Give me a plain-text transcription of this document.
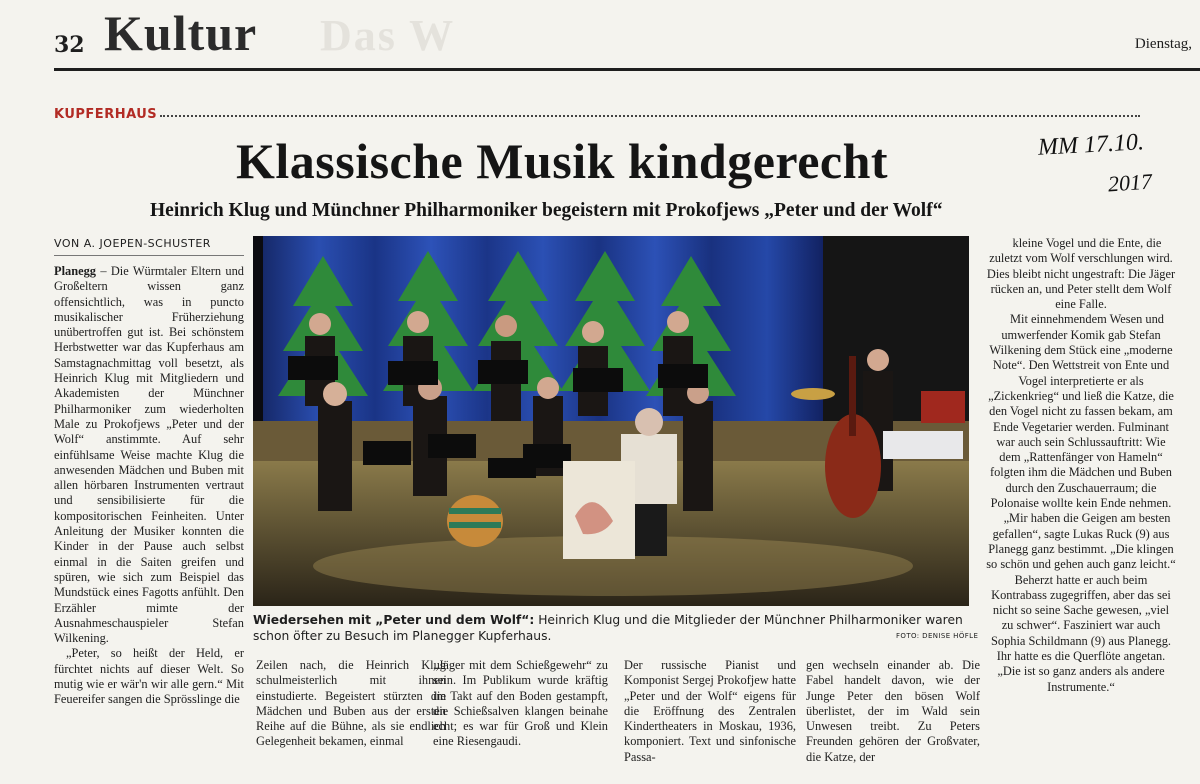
32	Das W
Kultur	Dienstag,
KUPFERHAUS
Klassische Musik kindgerecht
Heinrich Klug und Münchner Philharmoniker begeistern mit Prokofjews „Peter und der Wolf“
MM 17.10.
2017
VON A. JOEPEN-SCHUSTER

Planegg – Die Würmtaler Eltern und Großeltern wissen ganz offensichtlich, was in puncto musikalischer Früherziehung unübertroffen gut ist. Bei schönstem Herbstwetter war das Kupferhaus am Samstagnachmittag voll besetzt, als Heinrich Klug mit Mitgliedern und Akademisten der Münchner Philharmoniker zum wiederholten Male zu Prokofjews „Peter und der Wolf“ anstimmte. Auf sehr einfühlsame Weise machte Klug die anwesenden Mädchen und Buben mit allen hörbaren Instrumenten vertraut und sensibilisierte für die kompositorischen Feinheiten. Unter Anleitung der Musiker konnten die Kinder in der Pause auch selbst einmal in die Saiten greifen und spüren, wie sich zum Beispiel das Mundstück eines Fagotts anfühlt. Den Erzähler mimte der Ausnahmeschauspieler Stefan Wilkening.

„Peter, so heißt der Held, er fürchtet nichts auf dieser Welt. So mutig wie er wär'n wir alle gern.“ Mit Feuereifer sangen die Sprösslinge die

Wiedersehen mit „Peter und dem Wolf“: Heinrich Klug und die Mitglieder der Münchner Philharmoniker waren schon öfter zu Besuch im Planegger Kupferhaus.	FOTO: DENISE HÖFLE

Zeilen nach, die Heinrich Klug schulmeisterlich mit ihnen einstudierte. Begeistert stürzten die Mädchen und Buben aus der ersten Reihe auf die Bühne, als sie endlich Gelegenheit bekamen, einmal

„Jäger mit dem Schießgewehr“ zu sein. Im Publikum wurde kräftig im Takt auf den Boden gestampft, die Schießsalven klangen beinahe echt; es war für Groß und Klein eine Riesengaudi.

Der russische Pianist und Komponist Sergej Prokofjew hatte „Peter und der Wolf“ eigens für die Eröffnung des Zentralen Kindertheaters in Moskau, 1936, komponiert. Text und sinfonische Passa-

gen wechseln einander ab. Die Fabel handelt davon, wie der Junge Peter den bösen Wolf überlistet, der im Wald sein Unwesen treibt. Zu Peters Freunden gehören der Großvater, die Katze, der

kleine Vogel und die Ente, die zuletzt vom Wolf verschlungen wird. Dies bleibt nicht ungestraft: Die Jäger rücken an, und Peter stellt dem Wolf eine Falle.

Mit einnehmendem Wesen und umwerfender Komik gab Stefan Wilkening dem Stück eine „moderne Note“. Den Wettstreit von Ente und Vogel interpretierte er als „Zickenkrieg“ und ließ die Katze, die den Vogel nicht zu fassen bekam, am Ende Vegetarier werden. Fulminant war auch sein Schlussauftritt: Wie dem „Rattenfänger von Hameln“ folgten ihm die Mädchen und Buben durch den Zuschauerraum; die Polonaise wollte kein Ende nehmen.

„Mir haben die Geigen am besten gefallen“, sagte Lukas Ruck (9) aus Planegg ganz bestimmt. „Die klingen so schön und gehen auch ganz leicht.“ Beherzt hatte er auch beim Kontrabass zugegriffen, aber das sei nicht so seine Sache gewesen, „viel zu schwer“. Fasziniert war auch Sophia Schildmann (9) aus Planegg. Ihr hatte es die Querflöte angetan. „Die ist so ganz anders als andere Instrumente.“
